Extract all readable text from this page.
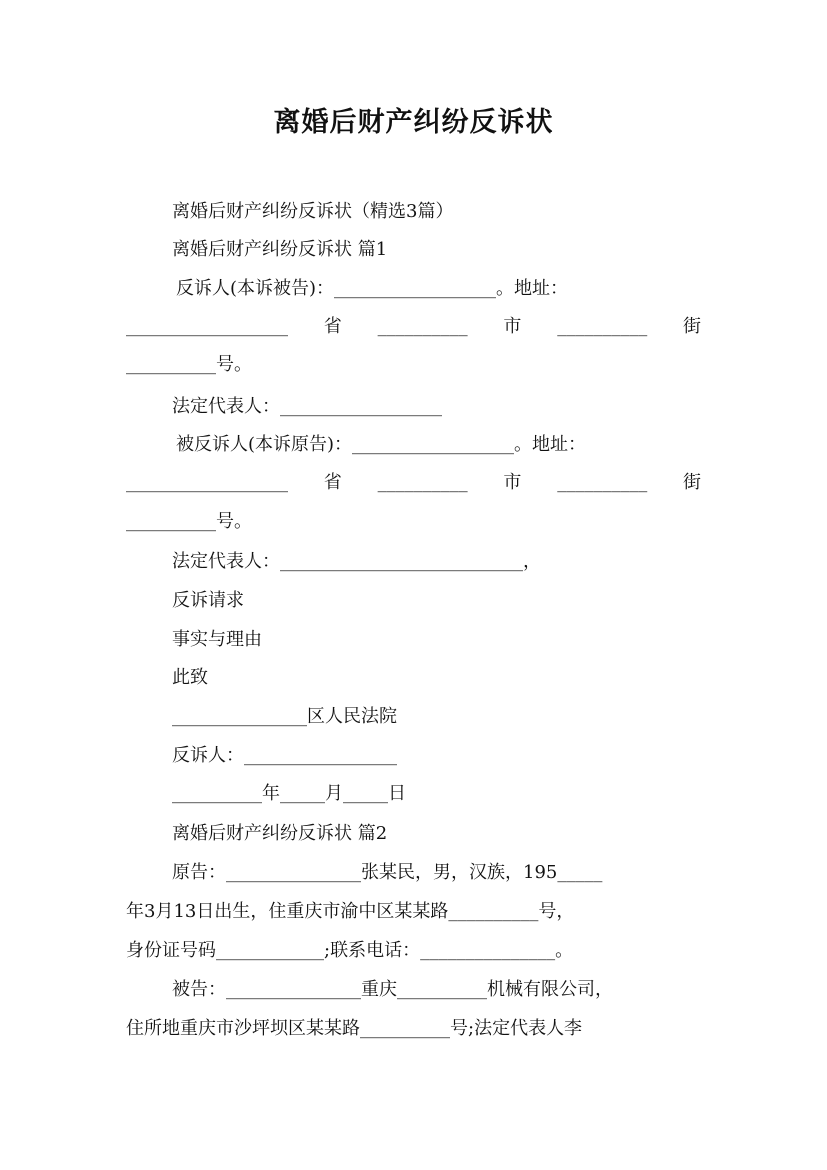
离婚后财产纠纷反诉状
离婚后财产纠纷反诉状（精选3篇）
离婚后财产纠纷反诉状 篇1
反诉人(本诉被告)：__________________。地址：
__________________ 省 __________ 市 __________ 街
__________号。
法定代表人：__________________
被反诉人(本诉原告)：__________________。地址：
__________________ 省 __________ 市 __________ 街
__________号。
法定代表人：___________________________，
反诉请求
事实与理由
此致
_______________区人民法院
反诉人：_________________
__________年_____月_____日
离婚后财产纠纷反诉状 篇2
原告：_______________张某民，男，汉族，195_____
年3月13日出生，住重庆市渝中区某某路__________号，
身份证号码____________;联系电话：_______________。
被告：_______________重庆__________机械有限公司，
住所地重庆市沙坪坝区某某路__________号;法定代表人李
